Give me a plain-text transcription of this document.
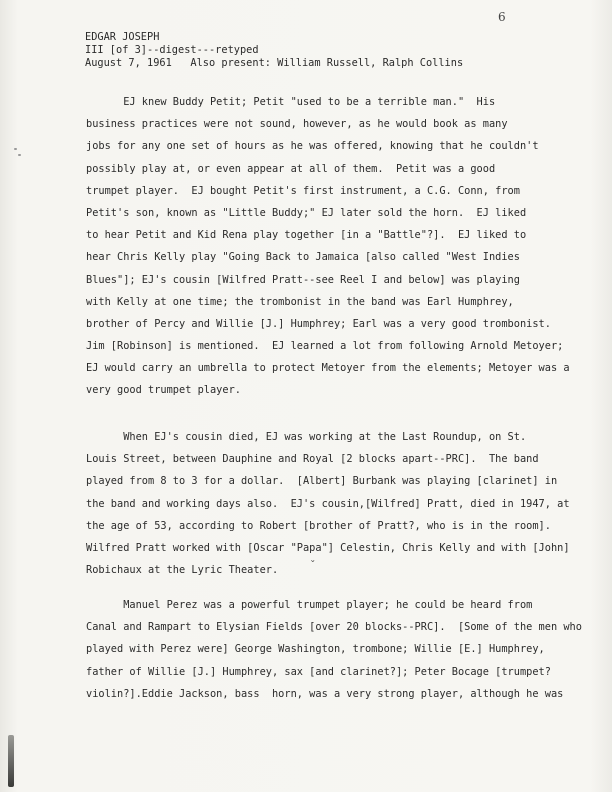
6
EDGAR JOSEPH
III [of 3]--digest---retyped
August 7, 1961   Also present: William Russell, Ralph Collins
EJ knew Buddy Petit; Petit "used to be a terrible man."  His
business practices were not sound, however, as he would book as many
jobs for any one set of hours as he was offered, knowing that he couldn't
possibly play at, or even appear at all of them.  Petit was a good
trumpet player.  EJ bought Petit's first instrument, a C.G. Conn, from
Petit's son, known as "Little Buddy;" EJ later sold the horn.  EJ liked
to hear Petit and Kid Rena play together [in a "Battle"?].  EJ liked to
hear Chris Kelly play "Going Back to Jamaica [also called "West Indies
Blues"]; EJ's cousin [Wilfred Pratt--see Reel I and below] was playing
with Kelly at one time; the trombonist in the band was Earl Humphrey,
brother of Percy and Willie [J.] Humphrey; Earl was a very good trombonist.
Jim [Robinson] is mentioned.  EJ learned a lot from following Arnold Metoyer;
EJ would carry an umbrella to protect Metoyer from the elements; Metoyer was a
very good trumpet player.
When EJ's cousin died, EJ was working at the Last Roundup, on St.
Louis Street, between Dauphine and Royal [2 blocks apart--PRC].  The band
played from 8 to 3 for a dollar.  [Albert] Burbank was playing [clarinet] in
the band and working days also.  EJ's cousin,[Wilfred] Pratt, died in 1947, at
the age of 53, according to Robert [brother of Pratt?, who is in the room].
Wilfred Pratt worked with [Oscar "Papa"] Celestin, Chris Kelly and with [John]
Robichaux at the Lyric Theater.
Manuel Perez was a powerful trumpet player; he could be heard from
Canal and Rampart to Elysian Fields [over 20 blocks--PRC].  [Some of the men who
played with Perez were] George Washington, trombone; Willie [E.] Humphrey,
father of Willie [J.] Humphrey, sax [and clarinet?]; Peter Bocage [trumpet?
violin?].Eddie Jackson, bass  horn, was a very strong player, although he was
ˇ
